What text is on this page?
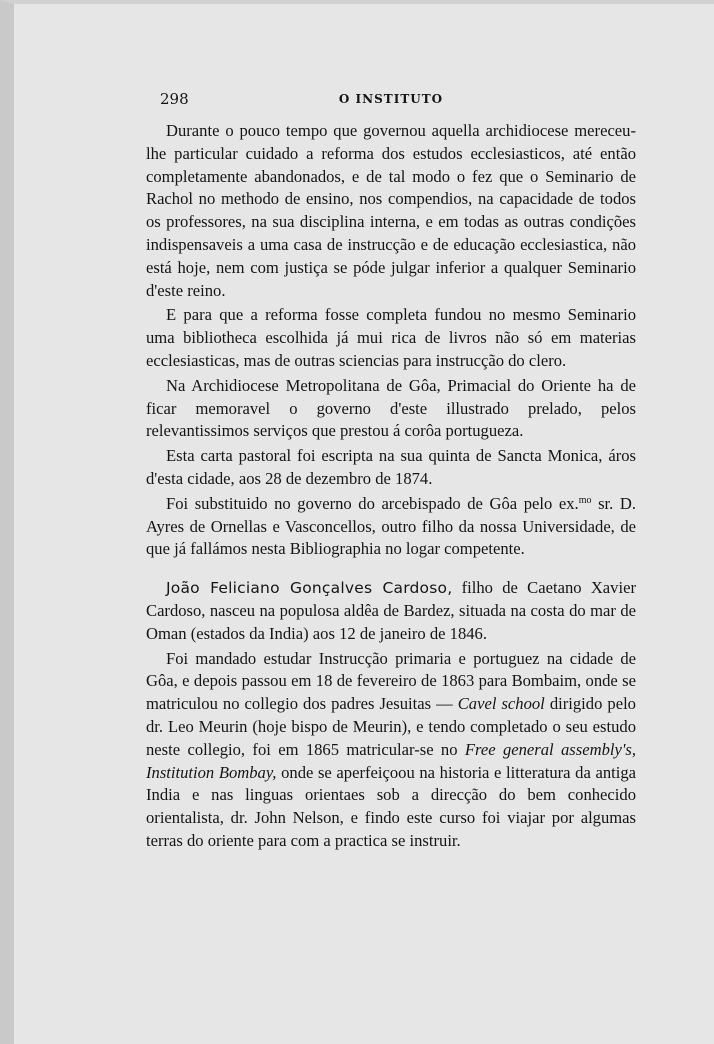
298	O INSTITUTO

Durante o pouco tempo que governou aquella archidiocese mereceu-lhe particular cuidado a reforma dos estudos ecclesiasticos, até então completamente abandonados, e de tal modo o fez que o Seminario de Rachol no methodo de ensino, nos compendios, na capacidade de todos os professores, na sua disciplina interna, e em todas as outras condições indispensaveis a uma casa de instrucção e de educação ecclesiastica, não está hoje, nem com justiça se póde julgar inferior a qualquer Seminario d'este reino.

E para que a reforma fosse completa fundou no mesmo Seminario uma bibliotheca escolhida já mui rica de livros não só em materias ecclesiasticas, mas de outras sciencias para instrucção do clero.

Na Archidiocese Metropolitana de Gôa, Primacial do Oriente ha de ficar memoravel o governo d'este illustrado prelado, pelos relevantissimos serviços que prestou á corôa portugueza.

Esta carta pastoral foi escripta na sua quinta de Sancta Monica, áros d'esta cidade, aos 28 de dezembro de 1874.

Foi substituido no governo do arcebispado de Gôa pelo ex.$^{mo}$ sr. D. Ayres de Ornellas e Vasconcellos, outro filho da nossa Universidade, de que já fallámos nesta Bibliographia no logar competente.

João Feliciano Gonçalves Cardoso, filho de Caetano Xavier Cardoso, nasceu na populosa aldêa de Bardez, situada na costa do mar de Oman (estados da India) aos 12 de janeiro de 1846.

Foi mandado estudar Instrucção primaria e portuguez na cidade de Gôa, e depois passou em 18 de fevereiro de 1863 para Bombaim, onde se matriculou no collegio dos padres Jesuitas — Cavel school dirigido pelo dr. Leo Meurin (hoje bispo de Meurin), e tendo completado o seu estudo neste collegio, foi em 1865 matricular-se no Free general assembly's, Institution Bombay, onde se aperfeiçoou na historia e litteratura da antiga India e nas linguas orientaes sob a direcção do bem conhecido orientalista, dr. John Nelson, e findo este curso foi viajar por algumas terras do oriente para com a practica se instruir.
